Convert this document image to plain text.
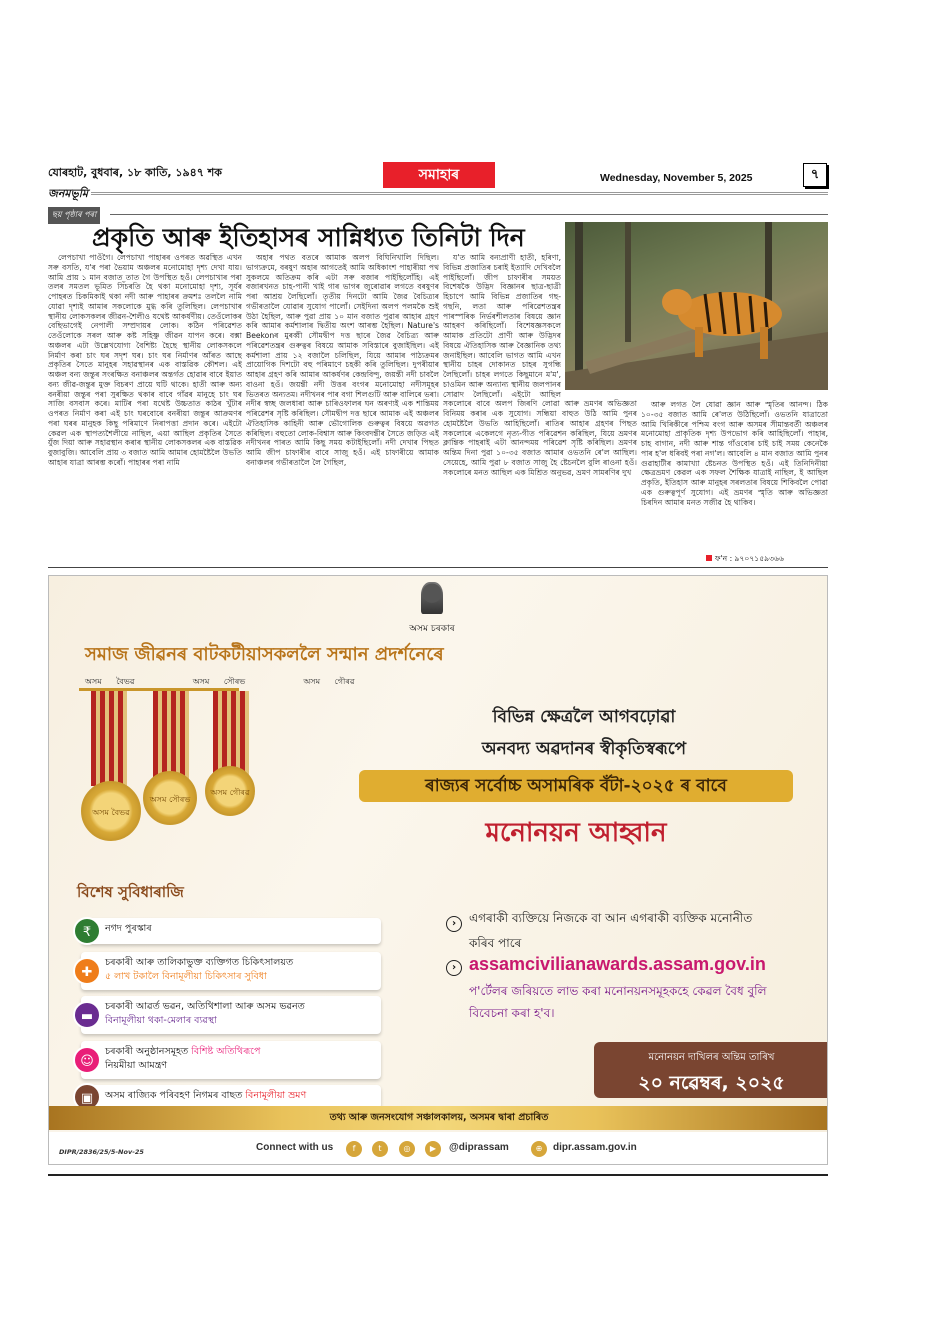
যোৰহাট, বুধবাৰ, ১৮ কাতি, ১৯৪৭ শক	সমাহাৰ	Wednesday, November 5, 2025	৭
জনমভূমি
ছয় পৃষ্ঠাৰ পৰা
প্ৰকৃতি আৰু ইতিহাসৰ সান্নিধ্যত তিনিটা দিন

লেপচাখা পাওঁগৈ। লেপচাখা পাহাৰৰ ওপৰত অৱস্থিত এখন সৰু বসতি, য'ৰ পৰা ভৈয়াম অঞ্চলৰ মনোমোহা দৃশ্য দেখা যায়। আমি প্ৰায় ১ মান বজাত তাত গৈ উপস্থিত হওঁ। লেপচাখাৰ পৰা তলৰ সমতল ভূমিত সিঁচৰতি হৈ থকা মনোমোহা দৃশ্য, সূৰ্যৰ পোহৰত চিকমিকাই থকা নদী আৰু পাহাৰৰ ক্ৰমশঃ তললৈ নামি যোৱা দৃশ্যই আমাৰ সকলোকে মুগ্ধ কৰি তুলিছিল। লেপচাখাৰ স্থানীয় লোকসকলৰ জীৱন-শৈলীও যথেষ্ট আকৰ্ষণীয়। তেওঁলোকৰ বেছিভাগেই নেপালী সম্প্ৰদায়ৰ লোক। কঠিন পৰিৱেশত তেওঁলোকে সৰল আৰু কষ্ট সহিষ্ণু জীৱন যাপন কৰে। বক্সা অঞ্চলৰ এটা উল্লেখযোগ্য বৈশিষ্ট্য হৈছে স্থানীয় লোকসকলে নিৰ্মাণ কৰা চাং ঘৰ সদৃশ ঘৰ। চাং ঘৰ নিৰ্মাণৰ আঁৰত আছে প্ৰকৃতিৰ সৈতে মানুহৰ সহাৱস্থানৰ এক বাস্তৱিক কৌশল। এই অঞ্চল বন্য জন্তুৰ সংৰক্ষিত বনাঞ্চলৰ অন্তৰ্গত হোৱাৰ বাবে ইয়াত বন্য জীৱ-জন্তুৰ মুক্ত বিচৰণ প্ৰায়ে ঘটি থাকে। হাতী আৰু অন্য বনৰীয়া জন্তুৰ পৰা সুৰক্ষিত থকাৰ বাবে গাঁৱৰ মানুহে চাং ঘৰ সাজি বসবাস কৰে। মাটিৰ পৰা যথেষ্ট উচ্চতাত কাঠৰ খুঁটাৰ ওপৰত নিৰ্মাণ কৰা এই চাং ঘৰবোৰে বনৰীয়া জন্তুৰ আক্ৰমণৰ পৰা ঘৰৰ মানুহক কিছু পৰিমাণে নিৰাপত্তা প্ৰদান কৰে। এইটো কেৱল এক স্থাপত্যশৈলীয়ে নাছিল, এয়া আছিল প্ৰকৃতিৰ সৈতে যুঁজ দিয়া আৰু সহাৱস্থান কৰাৰ স্থানীয় লোকসকলৰ এক বাস্তৱিক বুজাবুজি। আবেলি প্ৰায় ৩ বজাত আমি আমাৰ হোমষ্টৈলৈ উভতি আহাৰ যাত্ৰা আৰম্ভ কৰোঁ। পাহাৰৰ পৰা নামি

অহাৰ পথত বতৰে আমাক অলপ বিঘিনিখালি দিছিল। ভাগ্যক্ৰমে, বৰষুণ অহাৰ আগতেই আমি অধিকাংশ পাহাৰীয়া পথ সুকলমে অতিক্ৰম কৰি এটা সৰু বজাৰ পাইছিলোঁহি। এই বজাৰখনত চাহ-পানী খাই গাৰ ভাগৰ জুৰোৱাৰ লগতে বৰষুণৰ পৰা আশ্ৰয় লৈছিলোঁ। তৃতীয় দিনটো আমি জৈৱ বৈচিত্ৰ্যৰ গভীৰতালৈ যোৱাৰ সুযোগ পালোঁ। সেইদিনা অলপ পলমকৈ শুই উঠা হৈছিল, আৰু পুৱা প্ৰায় ১০ মান বজাত পুৱাৰ আহাৰ গ্ৰহণ কৰি আমাৰ কৰ্মশালাৰ দ্বিতীয় অংশ আৰম্ভ হৈছিল। Nature's Beekonৰ মুৰব্বী সৌমদ্বীপ দত্ত ছাৰে জৈৱ বৈচিত্ৰ্য আৰু পৰিৱেশতন্ত্ৰৰ গুৰুত্বৰ বিষয়ে আমাক সবিস্তাৰে বুজাইছিল। এই কৰ্মশালা প্ৰায় ১২ বজালৈ চলিছিল, যিয়ে আমাৰ পাঠ্যক্ৰমৰ প্ৰায়োগিক দিশটো বহু পৰিমাণে চহকী কৰি তুলিছিল। দুপৰীয়াৰ আহাৰ গ্ৰহণ কৰি আমাৰ আকৰ্ষণৰ কেন্দ্ৰবিন্দু, জয়ন্তী নদী চাবলৈ বাওনা হওঁ। জয়ন্তী নদী উত্তৰ বংগৰ মনোমোহা নদীসমূহৰ ভিতৰত অন্যতম। নদীখনৰ পাৰ বগা শিলগুটি আৰু বালিৰে ভৰা। নদীৰ স্বচ্ছ জলধাৰা আৰু চাৰিওফালৰ ঘন অৰণ্যই এক শান্তিময় পৰিৱেশৰ সৃষ্টি কৰিছিল। সৌমদ্বীপ দত্ত ছাৰে আমাক এই অঞ্চলৰ ঐতিহাসিক কাহিনী আৰু ভৌগোলিক গুৰুত্বৰ বিষয়ে অৱগত কৰিছিল। বহুতো লোক-বিশ্বাস আৰু কিংবদন্তীৰ সৈতে জড়িত এই নদীখনৰ পাৰত আমি কিছু সময় কটাইছিলোঁ। নদী দেখাৰ পিছত আমি জীপ চাফাৰীৰ বাবে সাজু হওঁ। এই চাফাৰীয়ে আমাক বনাঞ্চলৰ গভীৰতালৈ লৈ গৈছিল,

য'ত আমি বন্যপ্ৰাণী হাতী, হৰিণা, বিভিন্ন প্ৰজাতিৰ চৰাই ইত্যাদি দেখিবলৈ পাইছিলোঁ। জীপ চাফাৰীৰ সময়ত বিশেষকৈ উদ্ভিদ বিজ্ঞানৰ ছাত্ৰ-ছাত্ৰী হিচাপে আমি বিভিন্ন প্ৰজাতিৰ গছ-গছনি, লতা আৰু পৰিৱেশতন্ত্ৰৰ পাৰস্পৰিক নিৰ্ভৰশীলতাৰ বিষয়ে জ্ঞান আহৰণ কৰিছিলোঁ। বিশেষজ্ঞসকলে আমাক প্ৰতিটো প্ৰাণী আৰু উদ্ভিদৰ বিষয়ে ঐতিহাসিক আৰু বৈজ্ঞানিক তথ্য জনাইছিল। আবেলি ভাগত আমি এখন স্থানীয় চাহৰ দোকানত চাহৰ সুগন্ধি লৈছিলোঁ। চাহৰ লগতে কিছুমানে ম'ম', চাওমিন আৰু অন্যান্য স্থানীয় জলপানৰ সোৱাদ লৈছিলোঁ। এইটো আছিল সকলোৰে বাবে অলপ জিৰণি লোৱা আৰু ভ্ৰমণৰ অভিজ্ঞতা বিনিময় কৰাৰ এক সুযোগ। সন্ধিয়া বাহুত উঠি আমি পুনৰ হোমষ্টৈলৈ উভতি আহিছিলোঁ। ৰাতিৰ আহাৰ গ্ৰহণৰ পিছত সকলোৰে একেলগে নৃত্য-গীত পৰিৱেশন কৰিছিল, যিয়ে ভ্ৰমণৰ ক্লান্তিক পাহৰাই এটা আনন্দময় পৰিৱেশ সৃষ্টি কৰিছিল। ভ্ৰমণৰ অন্তিম দিনা পুৱা ১০-৩৫ বজাত আমাৰ ওভতনি ৰে'ল আছিল। সেয়েহে, আমি পুৱা ৮ বজাত সাজু হৈ ষ্টেচনলৈ বুলি ৰাওনা হওঁ। সকলোৰে মনত আছিল এক মিশ্ৰিত অনুভৱ, ভ্ৰমণ সামৰণিৰ দুখ

আৰু লগত লৈ যোৱা জ্ঞান আৰু স্মৃতিৰ আনন্দ। ঠিক ১০-৩৫ বজাত আমি ৰে'লত উঠিছিলোঁ। ওভতনি যাত্ৰাতো আমি খিৰিকীৰে পশ্চিম বংগ আৰু অসমৰ সীমান্তবৰ্তী অঞ্চলৰ মনোমোহা প্ৰাকৃতিক দৃশ্য উপভোগ কৰি আহিছিলোঁ। পাহাৰ, চাহ বাগান, নদী আৰু শান্ত গাঁওবোৰ চাই চাই সময় কেনেকৈ পাৰ হ'ল ধৰিবই পৰা নগ'ল। আবেলি ৪ মান বজাত আমি পুনৰ গুৱাহাটীৰ কামাখ্যা ষ্টেচনত উপস্থিত হওঁ। এই তিনিদিনীয়া ক্ষেত্ৰভ্ৰমণ কেৱল এক সফল শৈক্ষিক যাত্ৰাই নাছিল, ই আছিল প্ৰকৃতি, ইতিহাস আৰু মানুহৰ সৰলতাৰ বিষয়ে শিকিবলৈ পোৱা এক গুৰুত্বপূৰ্ণ সুযোগ। এই ভ্ৰমণৰ স্মৃতি আৰু অভিজ্ঞতা চিৰদিন আমাৰ মনত সজীৱ হৈ থাকিব।

ফ'ন : ৯৭০৭১৫৯৩৬৬
অসম চৰকাৰ
সমাজ জীৱনৰ বাটকটীয়াসকললৈ সন্মান প্ৰদৰ্শনেৰে
অসম বৈভৱ	অসম সৌৰভ	অসম গৌৰৱ
অসম বৈভৱ
অসম সৌৰভ
অসম গৌৰৱ
বিভিন্ন ক্ষেত্ৰলৈ আগবঢ়োৱা
অনবদ্য অৱদানৰ স্বীকৃতিস্বৰূপে
ৰাজ্যৰ সৰ্বোচ্চ অসামৰিক বঁটা-২০২৫ ৰ বাবে
মনোনয়ন আহ্বান
বিশেষ সুবিধাৰাজি
₹	নগদ পুৰস্কাৰ
✚
চৰকাৰী আৰু তালিকাভুক্ত ব্যক্তিগত চিকিৎসালয়ত
৫ লাখ টকালৈ বিনামূলীয়া চিকিৎসাৰ সুবিধা
▬
চৰকাৰী আৱৰ্ত ভৱন, অতিথিশালা আৰু অসম ভৱনত
বিনামূলীয়া থকা-মেলাৰ ব্যৱস্থা
☺
চৰকাৰী অনুষ্ঠানসমূহত বিশিষ্ট অতিথিৰূপে
নিয়মীয়া আমন্ত্ৰণ
▣	অসম ৰাজ্যিক পৰিবহণ নিগমৰ বাছত বিনামূলীয়া ভ্ৰমণ
›	এগৰাকী ব্যক্তিয়ে নিজকে বা আন এগৰাকী ব্যক্তিক মনোনীত কৰিব পাৰে
› assamcivilianawards.assam.gov.in
প'ৰ্টেলৰ জৰিয়তে লাভ কৰা মনোনয়নসমূহকহে কেৱল বৈধ বুলি বিবেচনা কৰা হ'ব।
মনোনয়ন দাখিলৰ অন্তিম তাৰিখ
২০ নৱেম্বৰ, ২০২৫
তথ্য আৰু জনসংযোগ সঞ্চালকালয়, অসমৰ দ্বাৰা প্ৰচাৰিত
DIPR/2836/25/5-Nov-25	Connect with us	f	t	◎	▶	@diprassam	⊕	dipr.assam.gov.in
